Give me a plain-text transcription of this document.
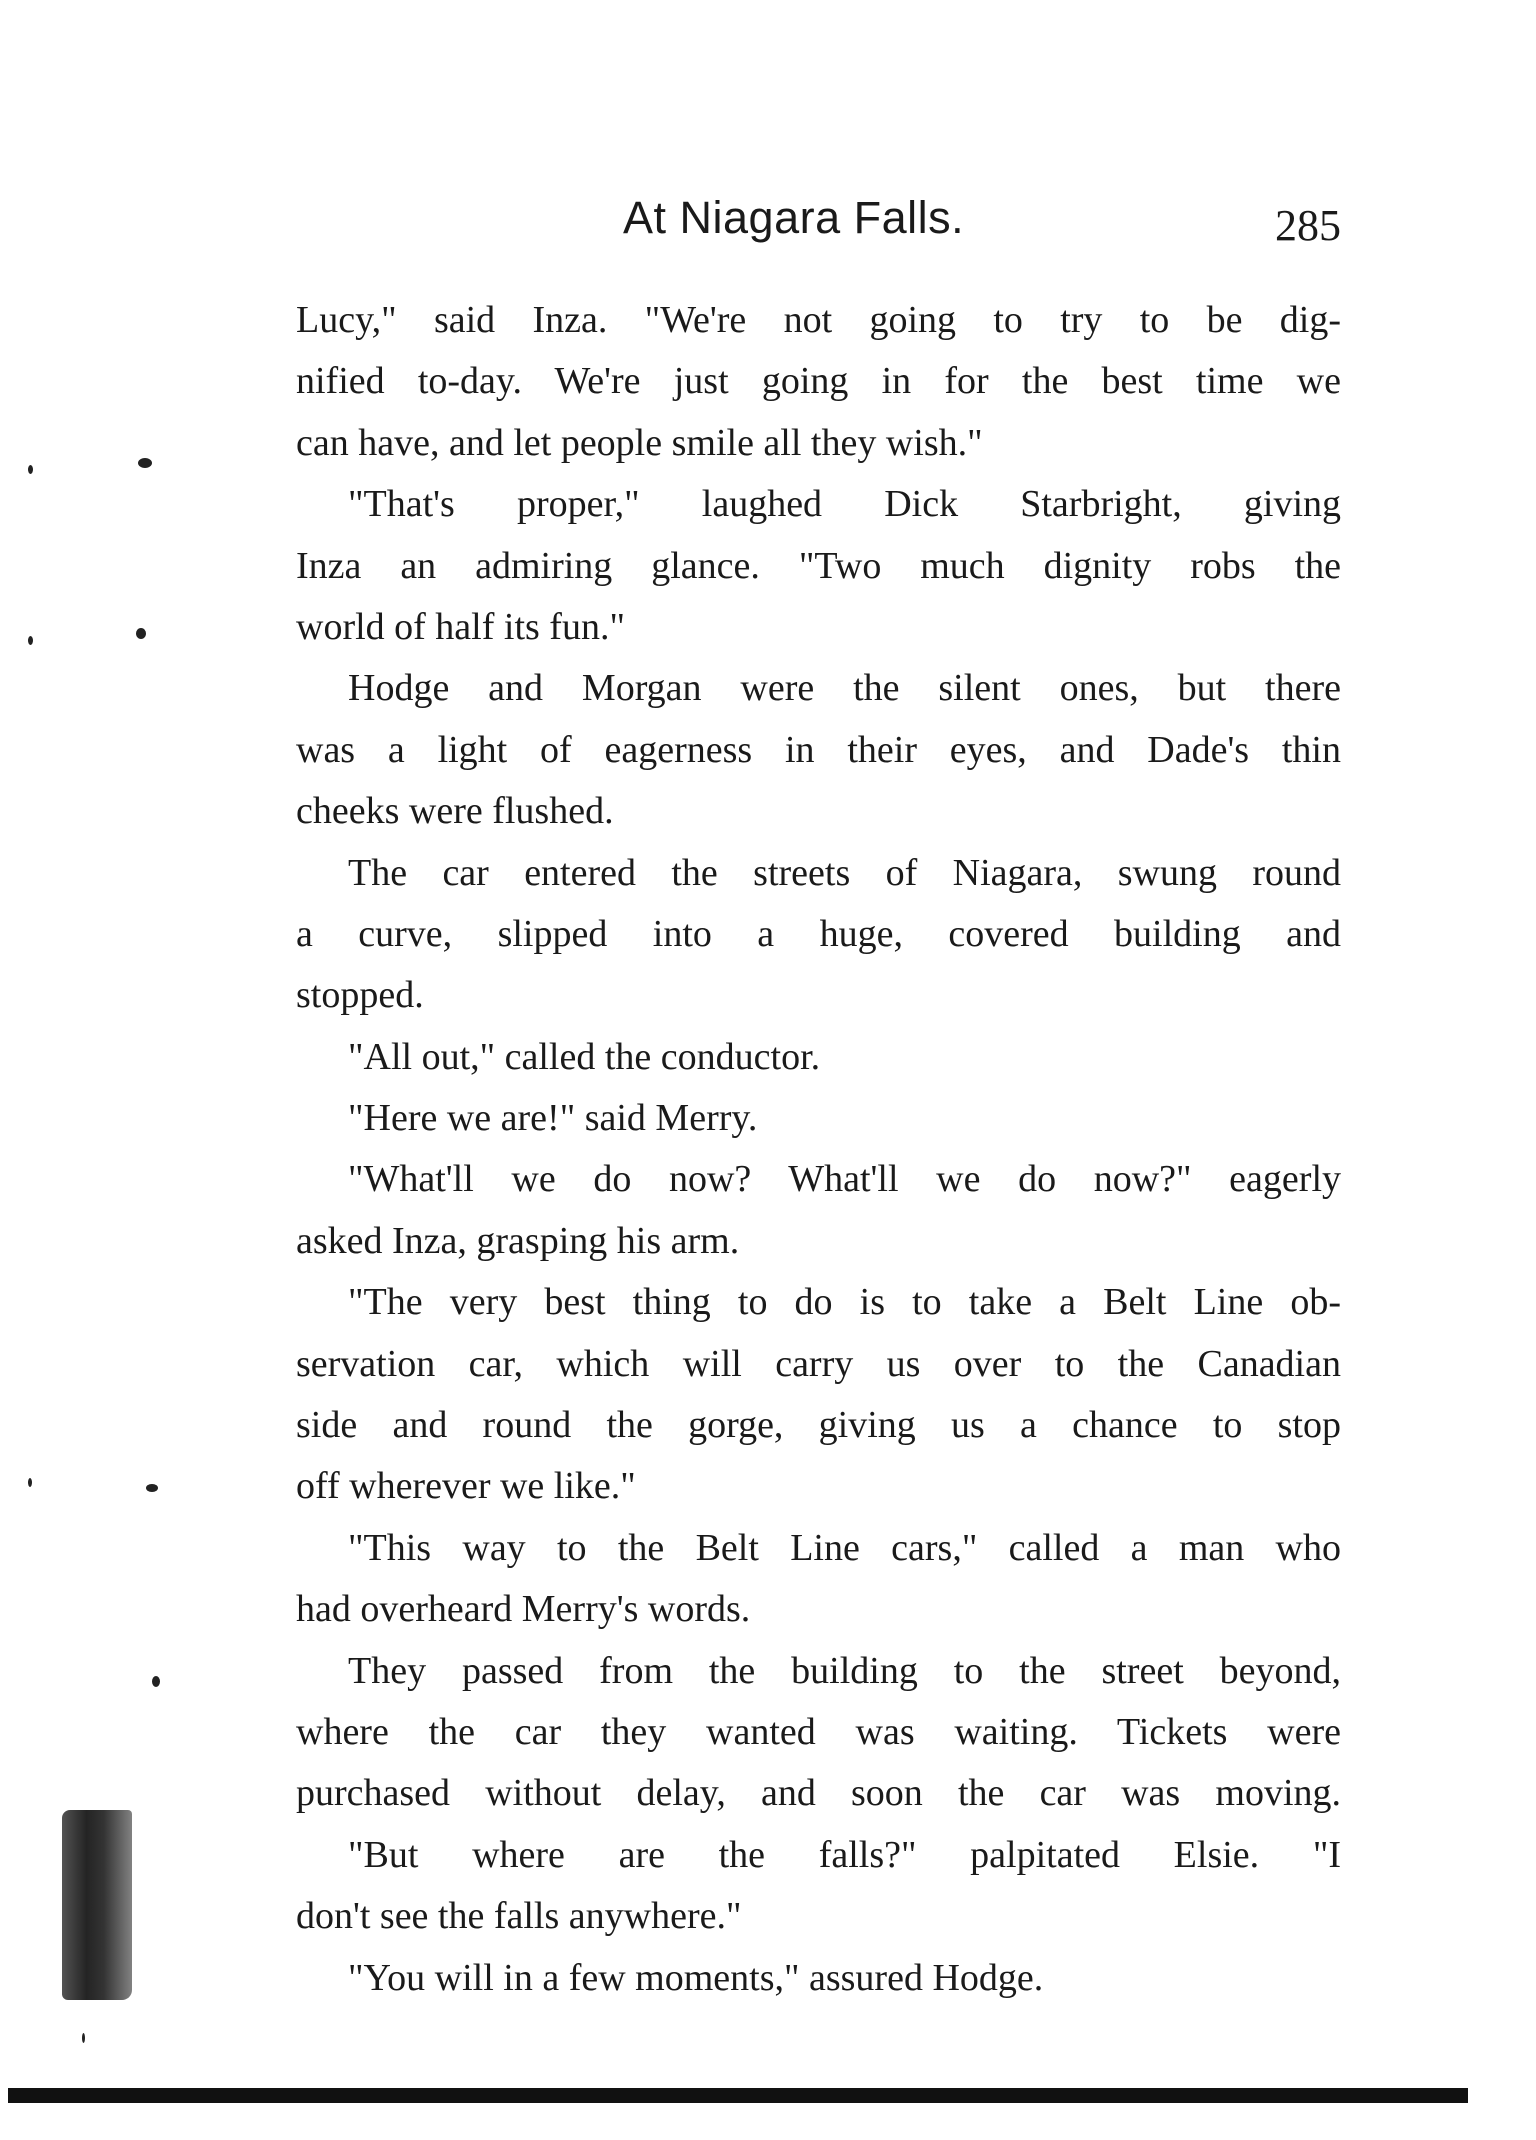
At Niagara Falls.	285
Lucy," said Inza. "We're not going to try to be dig-
nified to-day. We're just going in for the best time we
can have, and let people smile all they wish."
"That's proper," laughed Dick Starbright, giving
Inza an admiring glance. "Two much dignity robs the
world of half its fun."
Hodge and Morgan were the silent ones, but there
was a light of eagerness in their eyes, and Dade's thin
cheeks were flushed.
The car entered the streets of Niagara, swung round
a curve, slipped into a huge, covered building and
stopped.
"All out," called the conductor.
"Here we are!" said Merry.
"What'll we do now? What'll we do now?" eagerly
asked Inza, grasping his arm.
"The very best thing to do is to take a Belt Line ob-
servation car, which will carry us over to the Canadian
side and round the gorge, giving us a chance to stop
off wherever we like."
"This way to the Belt Line cars," called a man who
had overheard Merry's words.
They passed from the building to the street beyond,
where the car they wanted was waiting. Tickets were
purchased without delay, and soon the car was moving.
"But where are the falls?" palpitated Elsie. "I
don't see the falls anywhere."
"You will in a few moments," assured Hodge.
